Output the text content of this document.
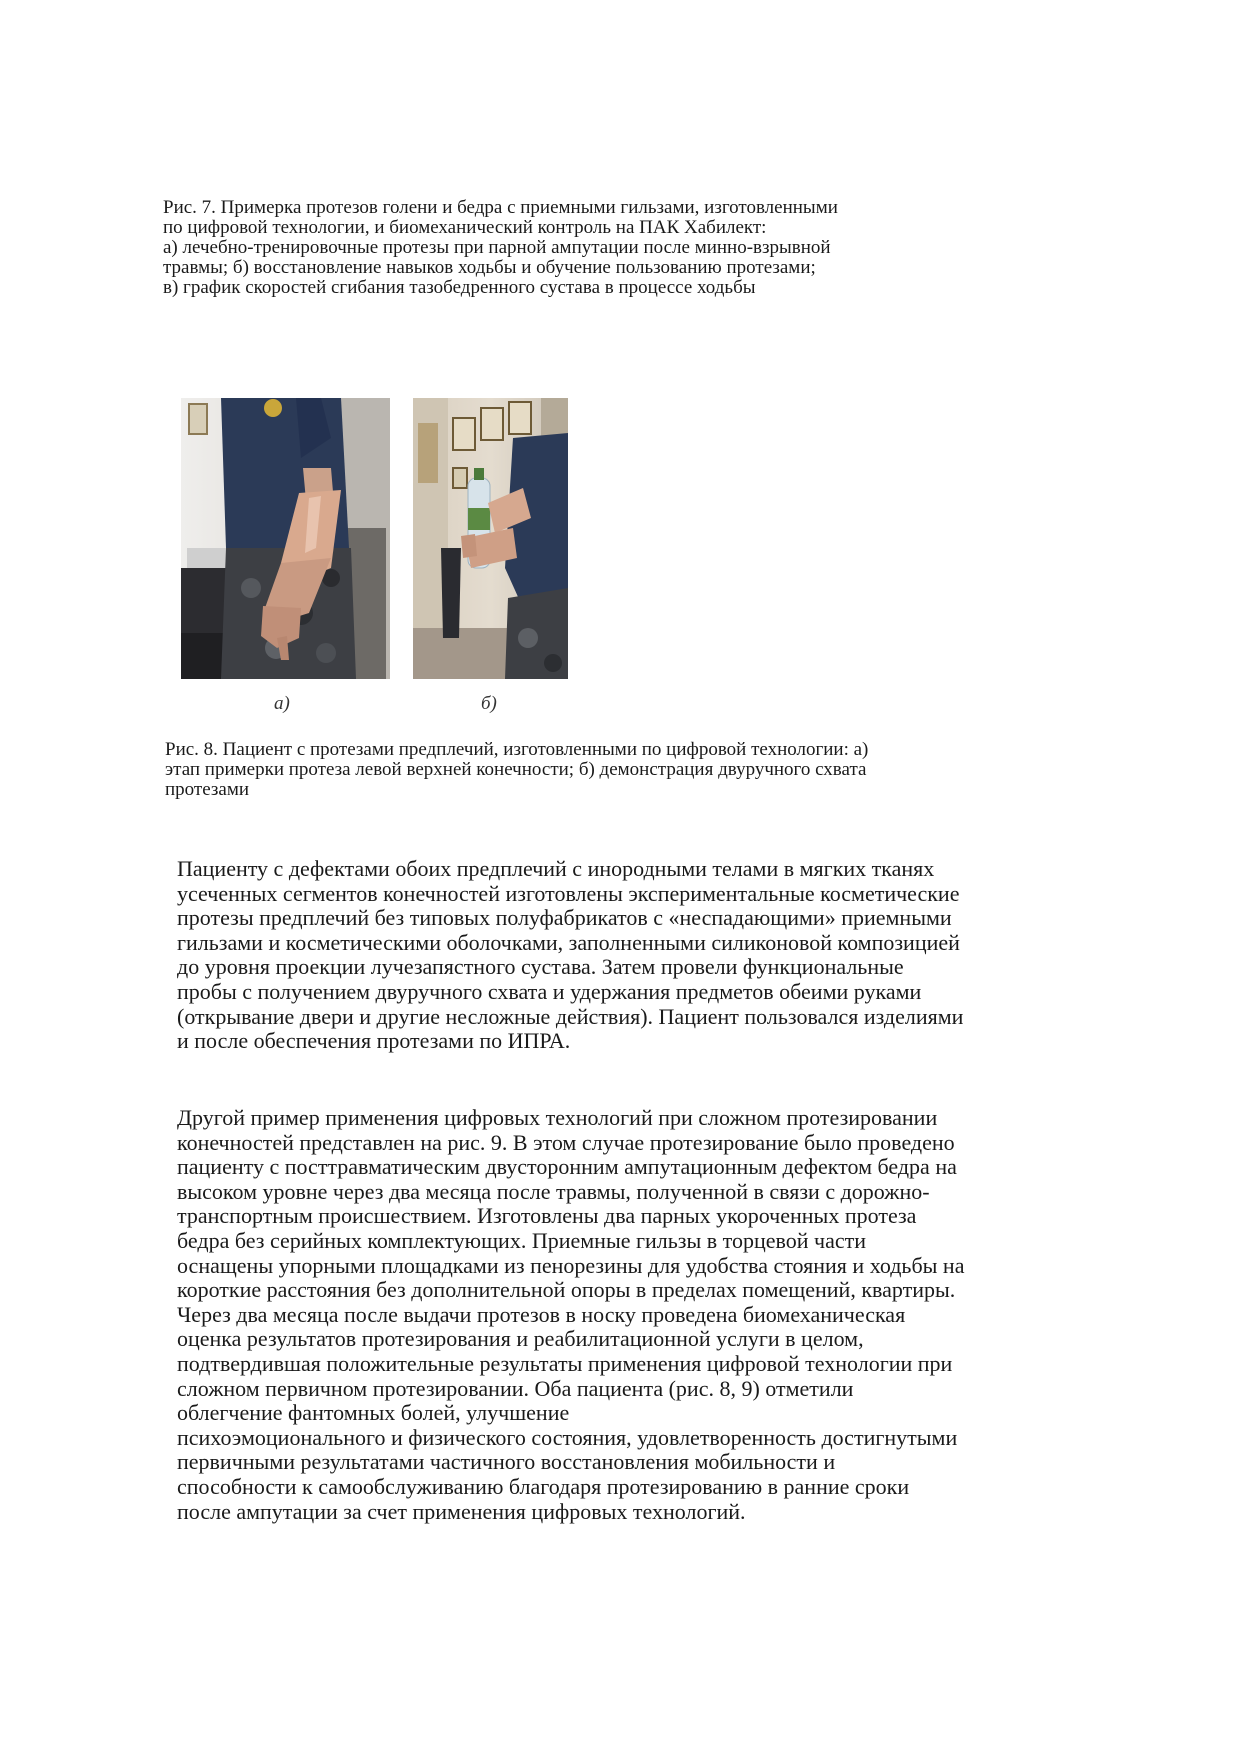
Рис. 7. Примерка протезов голени и бедра с приемными гильзами, изготовленными
по цифровой технологии, и биомеханический контроль на ПАК Хабилект:
а) лечебно-тренировочные протезы при парной ампутации после минно-взрывной
травмы; б) восстановление навыков ходьбы и обучение пользованию протезами;
в) график скоростей сгибания тазобедренного сустава в процессе ходьбы
а)	б)
Рис. 8. Пациент с протезами предплечий, изготовленными по цифровой технологии: а)
этап примерки протеза левой верхней конечности; б) демонстрация двуручного схвата
протезами
Пациенту с дефектами обоих предплечий с инородными телами в мягких тканях
усеченных сегментов конечностей изготовлены экспериментальные косметические
протезы предплечий без типовых полуфабрикатов с «неспадающими» приемными
гильзами и косметическими оболочками, заполненными силиконовой композицией
до уровня проекции лучезапястного сустава. Затем провели функциональные
пробы с получением двуручного схвата и удержания предметов обеими руками
(открывание двери и другие несложные действия). Пациент пользовался изделиями
и после обеспечения протезами по ИПРА.
Другой пример применения цифровых технологий при сложном протезировании
конечностей представлен на рис. 9. В этом случае протезирование было проведено
пациенту с посттравматическим двусторонним ампутационным дефектом бедра на
высоком уровне через два месяца после травмы, полученной в связи с дорожно-
транспортным происшествием. Изготовлены два парных укороченных протеза
бедра без серийных комплектующих. Приемные гильзы в торцевой части
оснащены упорными площадками из пенорезины для удобства стояния и ходьбы на
короткие расстояния без дополнительной опоры в пределах помещений, квартиры.
Через два месяца после выдачи протезов в носку проведена биомеханическая
оценка результатов протезирования и реабилитационной услуги в целом,
подтвердившая положительные результаты применения цифровой технологии при
сложном первичном протезировании. Оба пациента (рис. 8, 9) отметили
облегчение фантомных болей, улучшение
психоэмоционального и физического состояния, удовлетворенность достигнутыми
первичными результатами частичного восстановления мобильности и
способности к самообслуживанию благодаря протезированию в ранние сроки
после ампутации за счет применения цифровых технологий.
